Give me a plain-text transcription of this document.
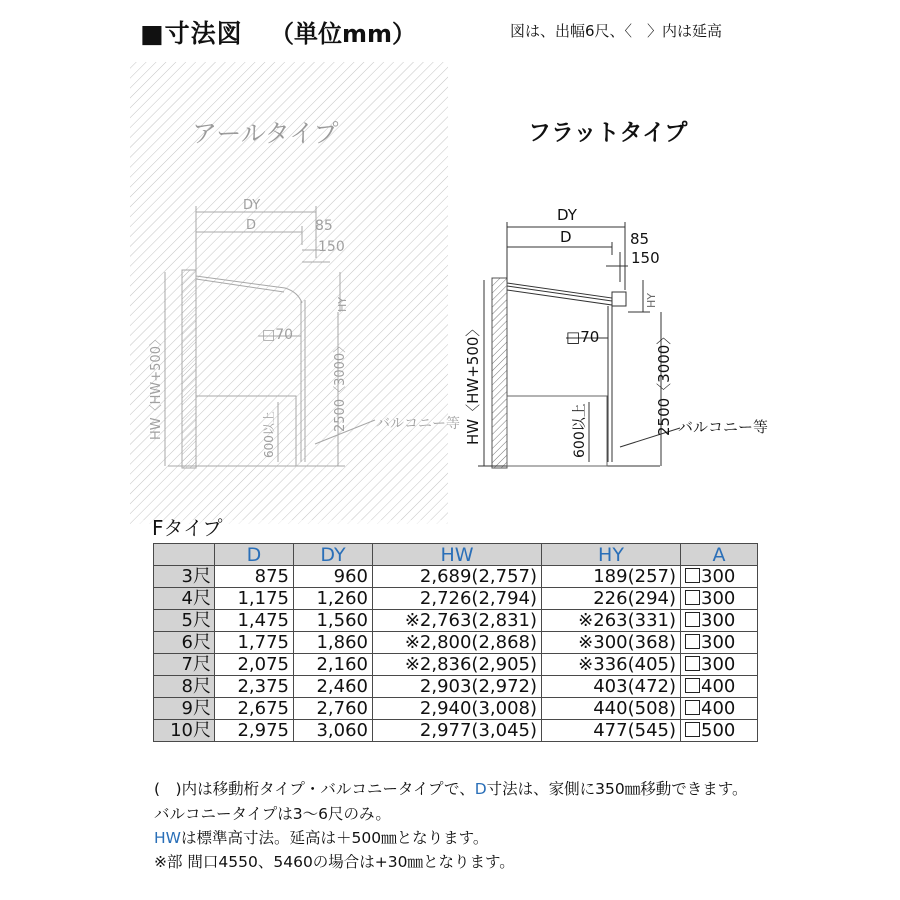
■寸法図 （単位mm）	図は、出幅6尺、〈　〉内は延高
アールタイプ
DY
D	85
150
□70
バルコニー等
HY
HW〈HW+500〉	2500〈3000〉
600以上
フラットタイプ
DY
D	85
150
□70
バルコニー等
HY
HW〈HW+500〉	2500〈3000〉
600以上
Fタイプ
	D	DY	HW	HY	A
3尺	875	960	2,689(2,757)	189(257)	300
4尺	1,175	1,260	2,726(2,794)	226(294)	300
5尺	1,475	1,560	※2,763(2,831)	※263(331)	300
6尺	1,775	1,860	※2,800(2,868)	※300(368)	300
7尺	2,075	2,160	※2,836(2,905)	※336(405)	300
8尺	2,375	2,460	2,903(2,972)	403(472)	400
9尺	2,675	2,760	2,940(3,008)	440(508)	400
10尺	2,975	3,060	2,977(3,045)	477(545)	500
(　)内は移動桁タイプ・バルコニータイプで、D寸法は、家側に350㎜移動できます。
バルコニータイプは3～6尺のみ。
HWは標準高寸法。延高は＋500㎜となります。
※部 間口4550、5460の場合は+30㎜となります。
